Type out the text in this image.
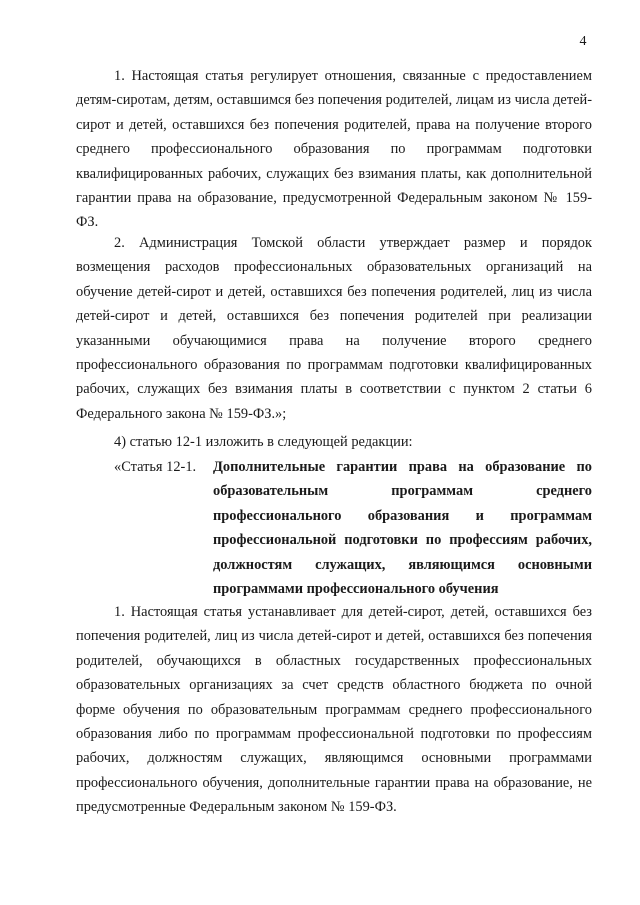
4

1. Настоящая статья регулирует отношения, связанные с предоставлением детям-сиротам, детям, оставшимся без попечения родителей, лицам из числа детей-сирот и детей, оставшихся без попечения родителей, права на получение второго среднего профессионального образования по программам подготовки квалифицированных рабочих, служащих без взимания платы, как дополнительной гарантии права на образование, предусмотренной Федеральным законом № 159-ФЗ.

2. Администрация Томской области утверждает размер и порядок возмещения расходов профессиональных образовательных организаций на обучение детей-сирот и детей, оставшихся без попечения родителей, лиц из числа детей-сирот и детей, оставшихся без попечения родителей при реализации указанными обучающимися права на получение второго среднего профессионального образования по программам подготовки квалифицированных рабочих, служащих без взимания платы в соответствии с пунктом 2 статьи 6 Федерального закона № 159-ФЗ.»;

4) статью 12-1 изложить в следующей редакции:

«Статья 12-1. Дополнительные гарантии права на образование по образовательным программам среднего профессионального образования и программам профессиональной подготовки по профессиям рабочих, должностям служащих, являющимся основными программами профессионального обучения

1. Настоящая статья устанавливает для детей-сирот, детей, оставшихся без попечения родителей, лиц из числа детей-сирот и детей, оставшихся без попечения родителей, обучающихся в областных государственных профессиональных образовательных организациях за счет средств областного бюджета по очной форме обучения по образовательным программам среднего профессионального образования либо по программам профессиональной подготовки по профессиям рабочих, должностям служащих, являющимся основными программами профессионального обучения, дополнительные гарантии права на образование, не предусмотренные Федеральным законом № 159-ФЗ.
